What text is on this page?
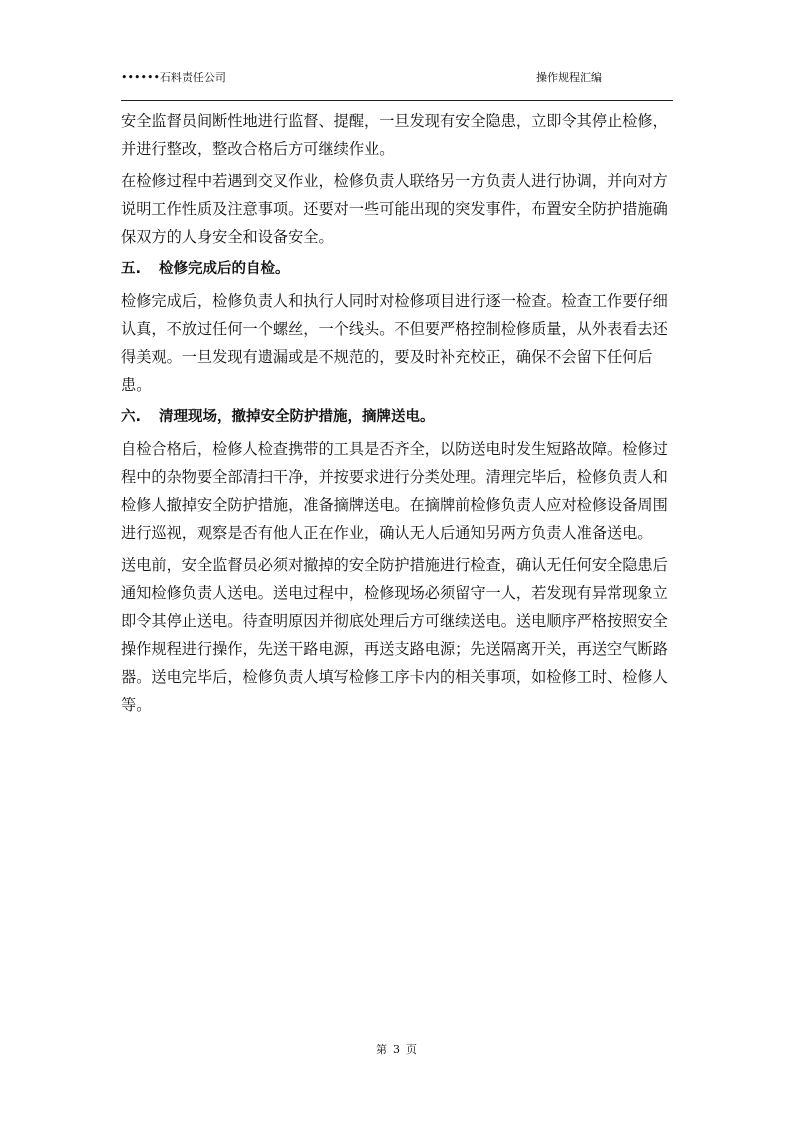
••••••石料责任公司	操作规程汇编

安全监督员间断性地进行监督、提醒，一旦发现有安全隐患，立即令其停止检修，并进行整改，整改合格后方可继续作业。

在检修过程中若遇到交叉作业，检修负责人联络另一方负责人进行协调，并向对方说明工作性质及注意事项。还要对一些可能出现的突发事件，布置安全防护措施确保双方的人身安全和设备安全。

五. 检修完成后的自检。

检修完成后，检修负责人和执行人同时对检修项目进行逐一检查。检查工作要仔细认真，不放过任何一个螺丝，一个线头。不但要严格控制检修质量，从外表看去还得美观。一旦发现有遗漏或是不规范的，要及时补充校正，确保不会留下任何后患。

六. 清理现场，撤掉安全防护措施，摘牌送电。

自检合格后，检修人检查携带的工具是否齐全，以防送电时发生短路故障。检修过程中的杂物要全部清扫干净，并按要求进行分类处理。清理完毕后，检修负责人和检修人撤掉安全防护措施，准备摘牌送电。在摘牌前检修负责人应对检修设备周围进行巡视，观察是否有他人正在作业，确认无人后通知另两方负责人准备送电。

送电前，安全监督员必须对撤掉的安全防护措施进行检查，确认无任何安全隐患后通知检修负责人送电。送电过程中，检修现场必须留守一人，若发现有异常现象立即令其停止送电。待查明原因并彻底处理后方可继续送电。送电顺序严格按照安全操作规程进行操作，先送干路电源，再送支路电源；先送隔离开关，再送空气断路器。送电完毕后，检修负责人填写检修工序卡内的相关事项，如检修工时、检修人等。

第 3 页
